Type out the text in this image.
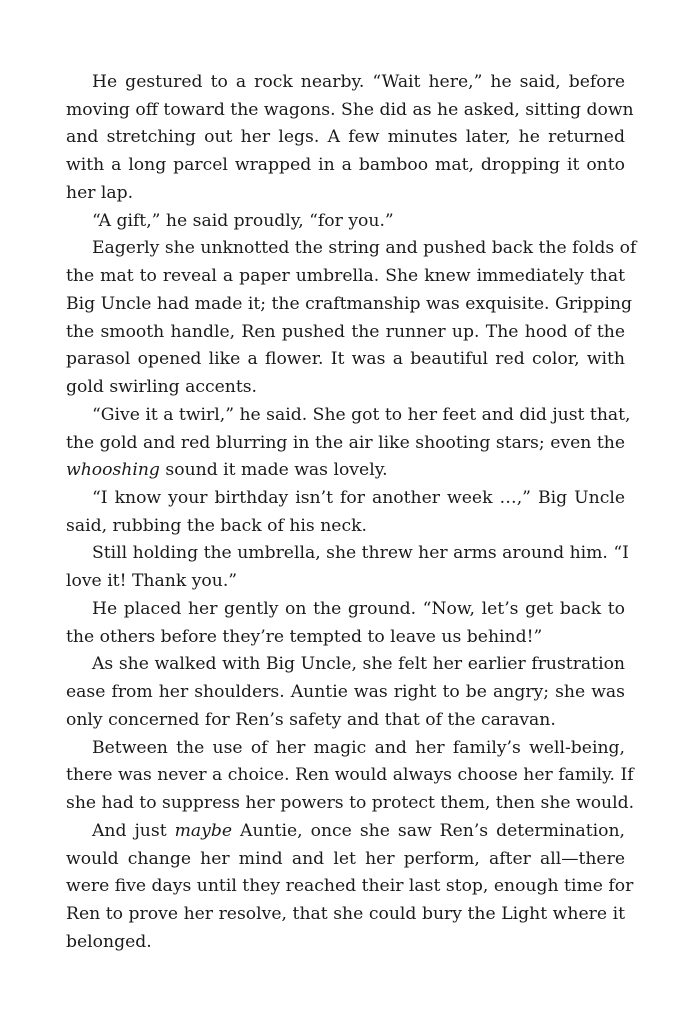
He gestured to a rock nearby. “Wait here,” he said, before
moving off toward the wagons. She did as he asked, sitting down
and stretching out her legs. A few minutes later, he returned
with a long parcel wrapped in a bamboo mat, dropping it onto
her lap.
“A gift,” he said proudly, “for you.”
Eagerly she unknotted the string and pushed back the folds of
the mat to reveal a paper umbrella. She knew immediately that
Big Uncle had made it; the craftmanship was exquisite. Gripping
the smooth handle, Ren pushed the runner up. The hood of the
parasol opened like a flower. It was a beautiful red color, with
gold swirling accents.
“Give it a twirl,” he said. She got to her feet and did just that,
the gold and red blurring in the air like shooting stars; even the
whooshing sound it made was lovely.
“I know your birthday isn’t for another week …,” Big Uncle
said, rubbing the back of his neck.
Still holding the umbrella, she threw her arms around him. “I
love it! Thank you.”
He placed her gently on the ground. “Now, let’s get back to
the others before they’re tempted to leave us behind!”
As she walked with Big Uncle, she felt her earlier frustration
ease from her shoulders. Auntie was right to be angry; she was
only concerned for Ren’s safety and that of the caravan.
Between the use of her magic and her family’s well-being,
there was never a choice. Ren would always choose her family. If
she had to suppress her powers to protect them, then she would.
And just maybe Auntie, once she saw Ren’s determination,
would change her mind and let her perform, after all—there
were five days until they reached their last stop, enough time for
Ren to prove her resolve, that she could bury the Light where it
belonged.
